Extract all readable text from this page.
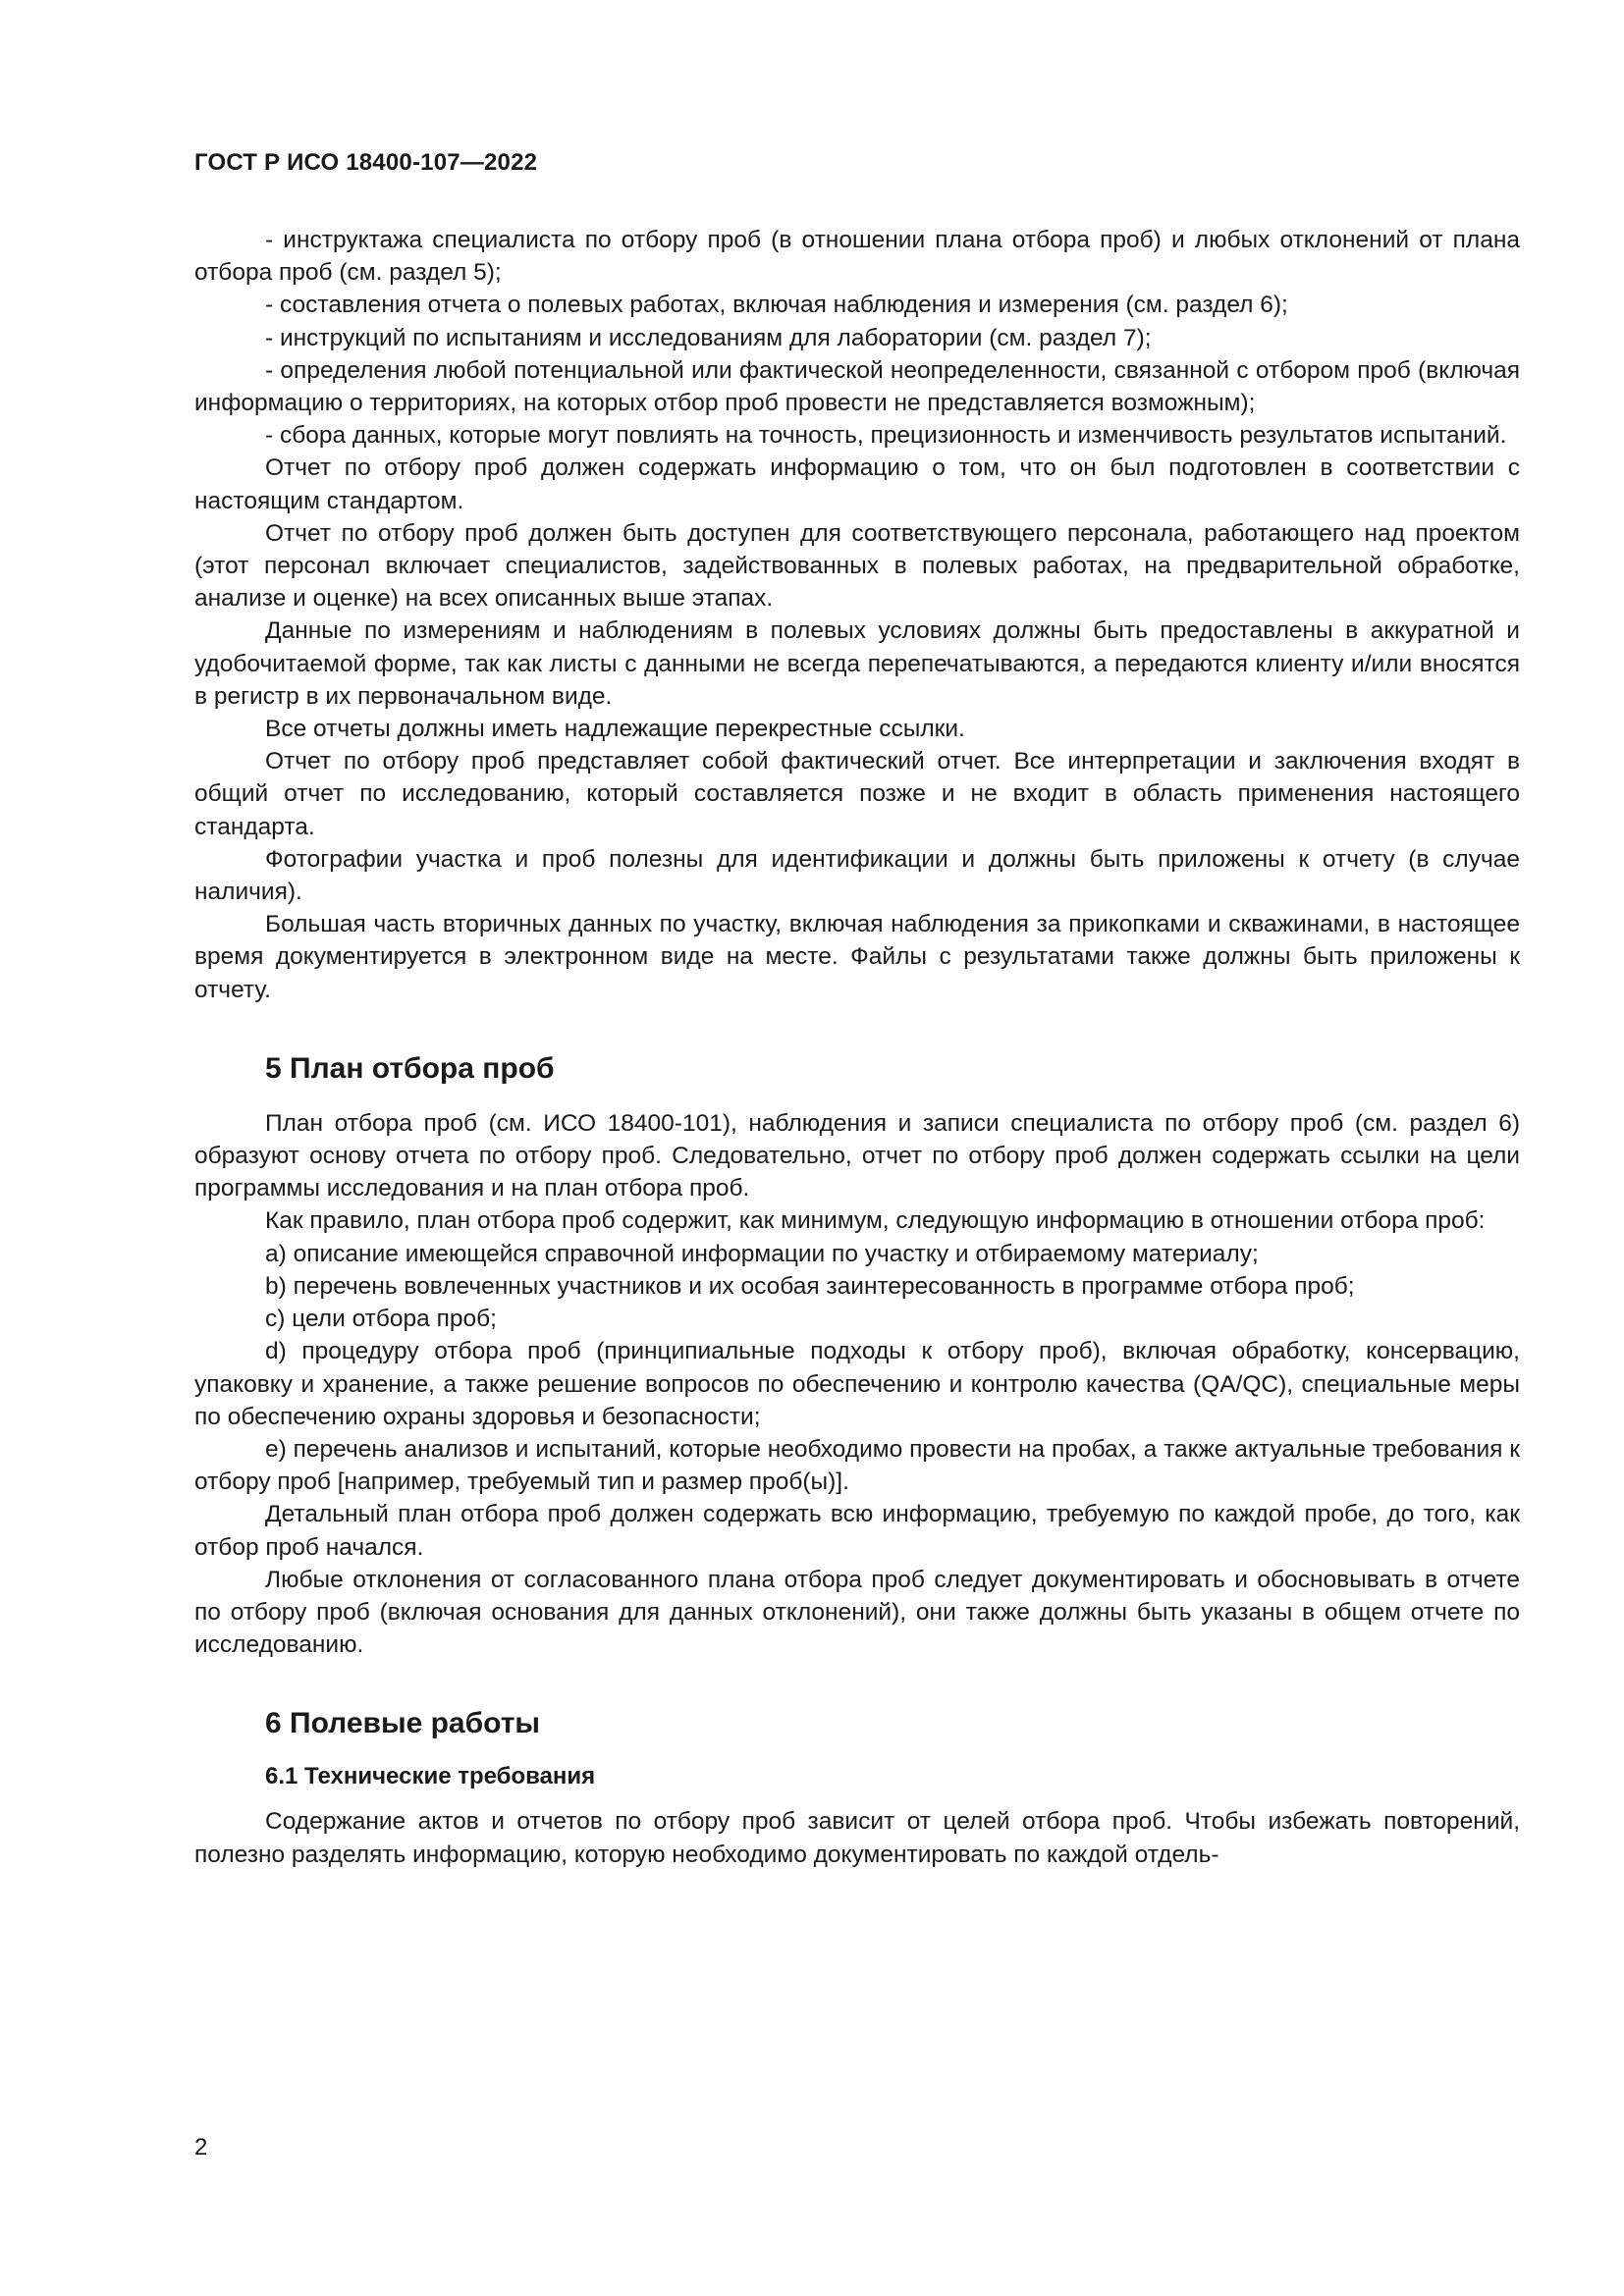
ГОСТ Р ИСО 18400-107—2022

- инструктажа специалиста по отбору проб (в отношении плана отбора проб) и любых отклонений от плана отбора проб (см. раздел 5);

- составления отчета о полевых работах, включая наблюдения и измерения (см. раздел 6);

- инструкций по испытаниям и исследованиям для лаборатории (см. раздел 7);

- определения любой потенциальной или фактической неопределенности, связанной с отбором проб (включая информацию о территориях, на которых отбор проб провести не представляется возможным);

- сбора данных, которые могут повлиять на точность, прецизионность и изменчивость результатов испытаний.

Отчет по отбору проб должен содержать информацию о том, что он был подготовлен в соответствии с настоящим стандартом.

Отчет по отбору проб должен быть доступен для соответствующего персонала, работающего над проектом (этот персонал включает специалистов, задействованных в полевых работах, на предварительной обработке, анализе и оценке) на всех описанных выше этапах.

Данные по измерениям и наблюдениям в полевых условиях должны быть предоставлены в аккуратной и удобочитаемой форме, так как листы с данными не всегда перепечатываются, а передаются клиенту и/или вносятся в регистр в их первоначальном виде.

Все отчеты должны иметь надлежащие перекрестные ссылки.

Отчет по отбору проб представляет собой фактический отчет. Все интерпретации и заключения входят в общий отчет по исследованию, который составляется позже и не входит в область применения настоящего стандарта.

Фотографии участка и проб полезны для идентификации и должны быть приложены к отчету (в случае наличия).

Большая часть вторичных данных по участку, включая наблюдения за прикопками и скважинами, в настоящее время документируется в электронном виде на месте. Файлы с результатами также должны быть приложены к отчету.

5 План отбора проб

План отбора проб (см. ИСО 18400-101), наблюдения и записи специалиста по отбору проб (см. раздел 6) образуют основу отчета по отбору проб. Следовательно, отчет по отбору проб должен содержать ссылки на цели программы исследования и на план отбора проб.

Как правило, план отбора проб содержит, как минимум, следующую информацию в отношении отбора проб:

a) описание имеющейся справочной информации по участку и отбираемому материалу;

b) перечень вовлеченных участников и их особая заинтересованность в программе отбора проб;

c) цели отбора проб;

d) процедуру отбора проб (принципиальные подходы к отбору проб), включая обработку, консервацию, упаковку и хранение, а также решение вопросов по обеспечению и контролю качества (QA/QC), специальные меры по обеспечению охраны здоровья и безопасности;

e) перечень анализов и испытаний, которые необходимо провести на пробах, а также актуальные требования к отбору проб [например, требуемый тип и размер проб(ы)].

Детальный план отбора проб должен содержать всю информацию, требуемую по каждой пробе, до того, как отбор проб начался.

Любые отклонения от согласованного плана отбора проб следует документировать и обосновывать в отчете по отбору проб (включая основания для данных отклонений), они также должны быть указаны в общем отчете по исследованию.

6 Полевые работы
6.1 Технические требования

Содержание актов и отчетов по отбору проб зависит от целей отбора проб. Чтобы избежать повторений, полезно разделять информацию, которую необходимо документировать по каждой отдель-

2
